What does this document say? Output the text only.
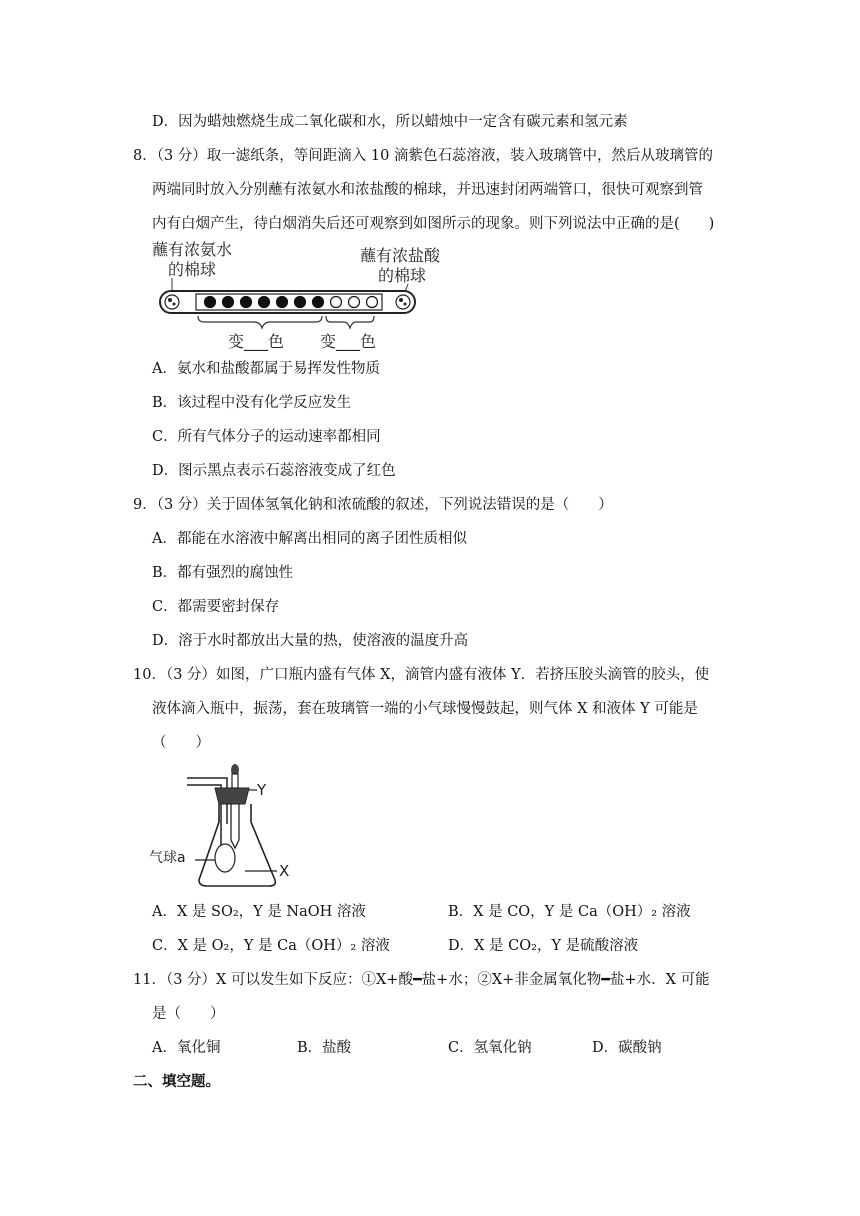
D．因为蜡烛燃烧生成二氧化碳和水，所以蜡烛中一定含有碳元素和氢元素
8．（3 分）取一滤纸条，等间距滴入 10 滴紫色石蕊溶液，装入玻璃管中，然后从玻璃管的
两端同时放入分别蘸有浓氨水和浓盐酸的棉球，并迅速封闭两端管口，很快可观察到管
内有白烟产生，待白烟消失后还可观察到如图所示的现象。则下列说法中正确的是(　　)
蘸有浓氨水
的棉球
蘸有浓盐酸
的棉球
变___色 变___色
A．氨水和盐酸都属于易挥发性物质
B．该过程中没有化学反应发生
C．所有气体分子的运动速率都相同
D．图示黑点表示石蕊溶液变成了红色
9．（3 分）关于固体氢氧化钠和浓硫酸的叙述，下列说法错误的是（　　）
A．都能在水溶液中解离出相同的离子团性质相似
B．都有强烈的腐蚀性
C．都需要密封保存
D．溶于水时都放出大量的热，使溶液的温度升高
10．（3 分）如图，广口瓶内盛有气体 X，滴管内盛有液体 Y．若挤压胶头滴管的胶头，使
液体滴入瓶中，振荡，套在玻璃管一端的小气球慢慢鼓起，则气体 X 和液体 Y 可能是
（　　）
Y
X
气球a
A．X 是 SO₂，Y 是 NaOH 溶液	B．X 是 CO，Y 是 Ca（OH）₂ 溶液
C．X 是 O₂，Y 是 Ca（OH）₂ 溶液	D．X 是 CO₂，Y 是硫酸溶液
11．（3 分）X 可以发生如下反应：①X+酸━盐+水；②X+非金属氧化物━盐+水．X 可能
是（　　）
A．氧化铜	B．盐酸	C．氢氧化钠	D．碳酸钠
二、填空题。
